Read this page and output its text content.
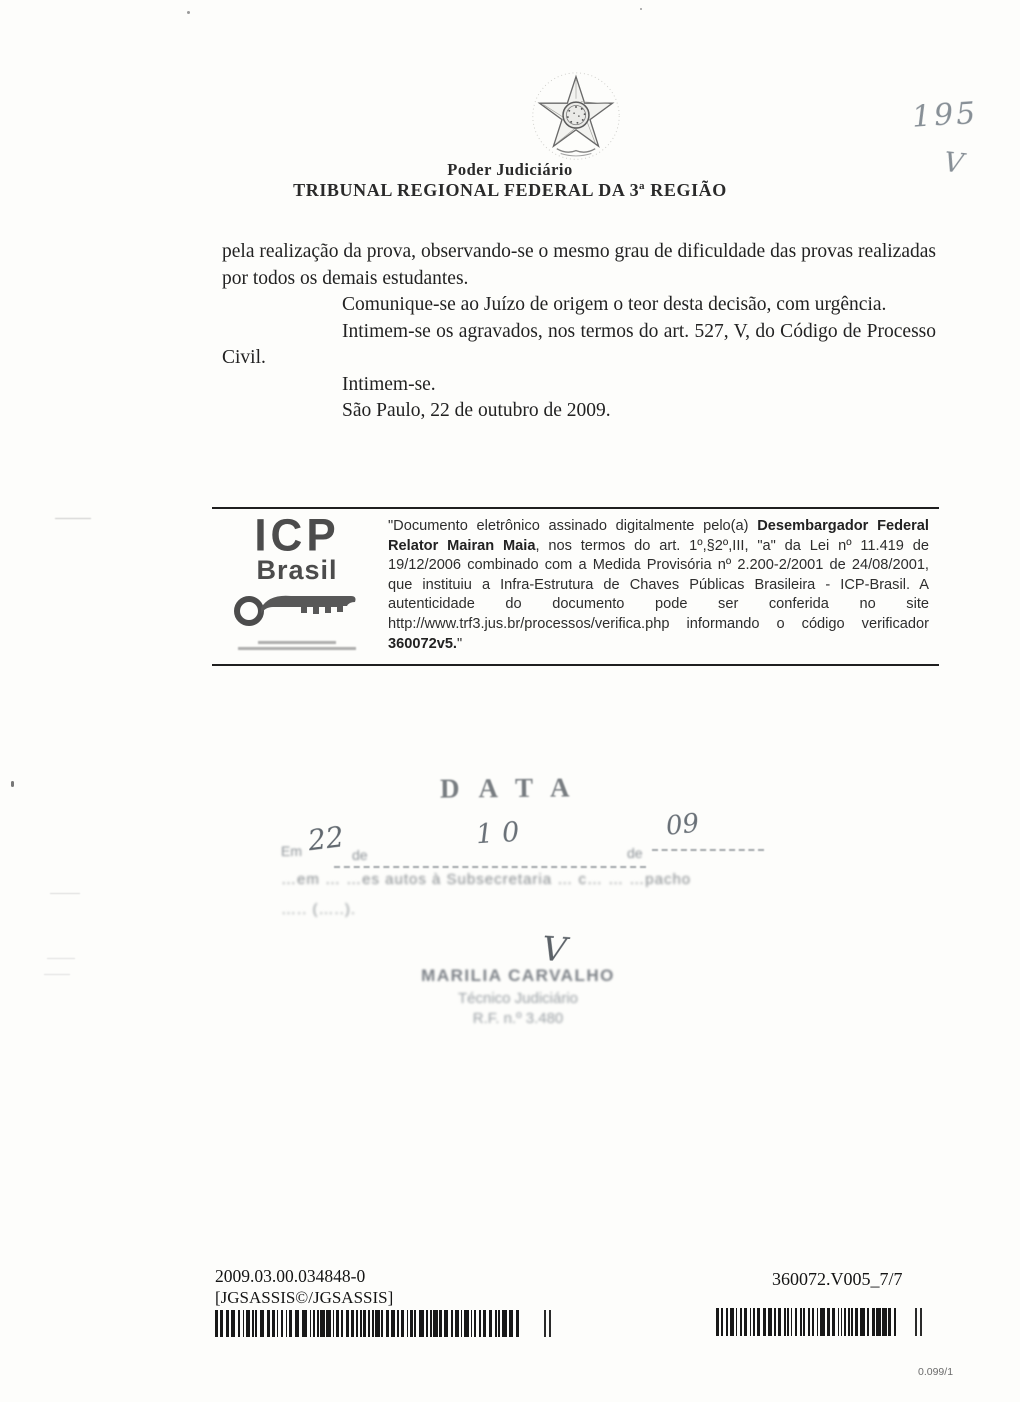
Poder Judiciário
TRIBUNAL REGIONAL FEDERAL DA 3ª REGIÃO
195
V

pela realização da prova, observando-se o mesmo grau de dificuldade das provas realizadas por todos os demais estudantes.

Comunique-se ao Juízo de origem o teor desta decisão, com urgência.

Intimem-se os agravados, nos termos do art. 527, V, do Código de Processo Civil.

Intimem-se.

São Paulo, 22 de outubro de 2009.

ICP
Brasil
"Documento eletrônico assinado digitalmente pelo(a) Desembargador Federal Relator Mairan Maia, nos termos do art. 1º,§2º,III, "a" da Lei nº 11.419 de 19/12/2006 combinado com a Medida Provisória nº 2.200-2/2001 de 24/08/2001, que instituiu a Infra-Estrutura de Chaves Públicas Brasileira - ICP-Brasil. A autenticidade do documento pode ser conferida no site http://www.trf3.jus.br/processos/verifica.php informando o código verificador 360072v5."
DATA
Em 22 de
10
de
09
…em … …es autos à Subsecretaria … c… … …pacho
….. (…..).
V
MARILIA CARVALHO
Técnico Judiciário
R.F. n.º 3.480
2009.03.00.034848-0
[JGSASSIS©/JGSASSIS]
360072.V005_7/7
0.099/1
